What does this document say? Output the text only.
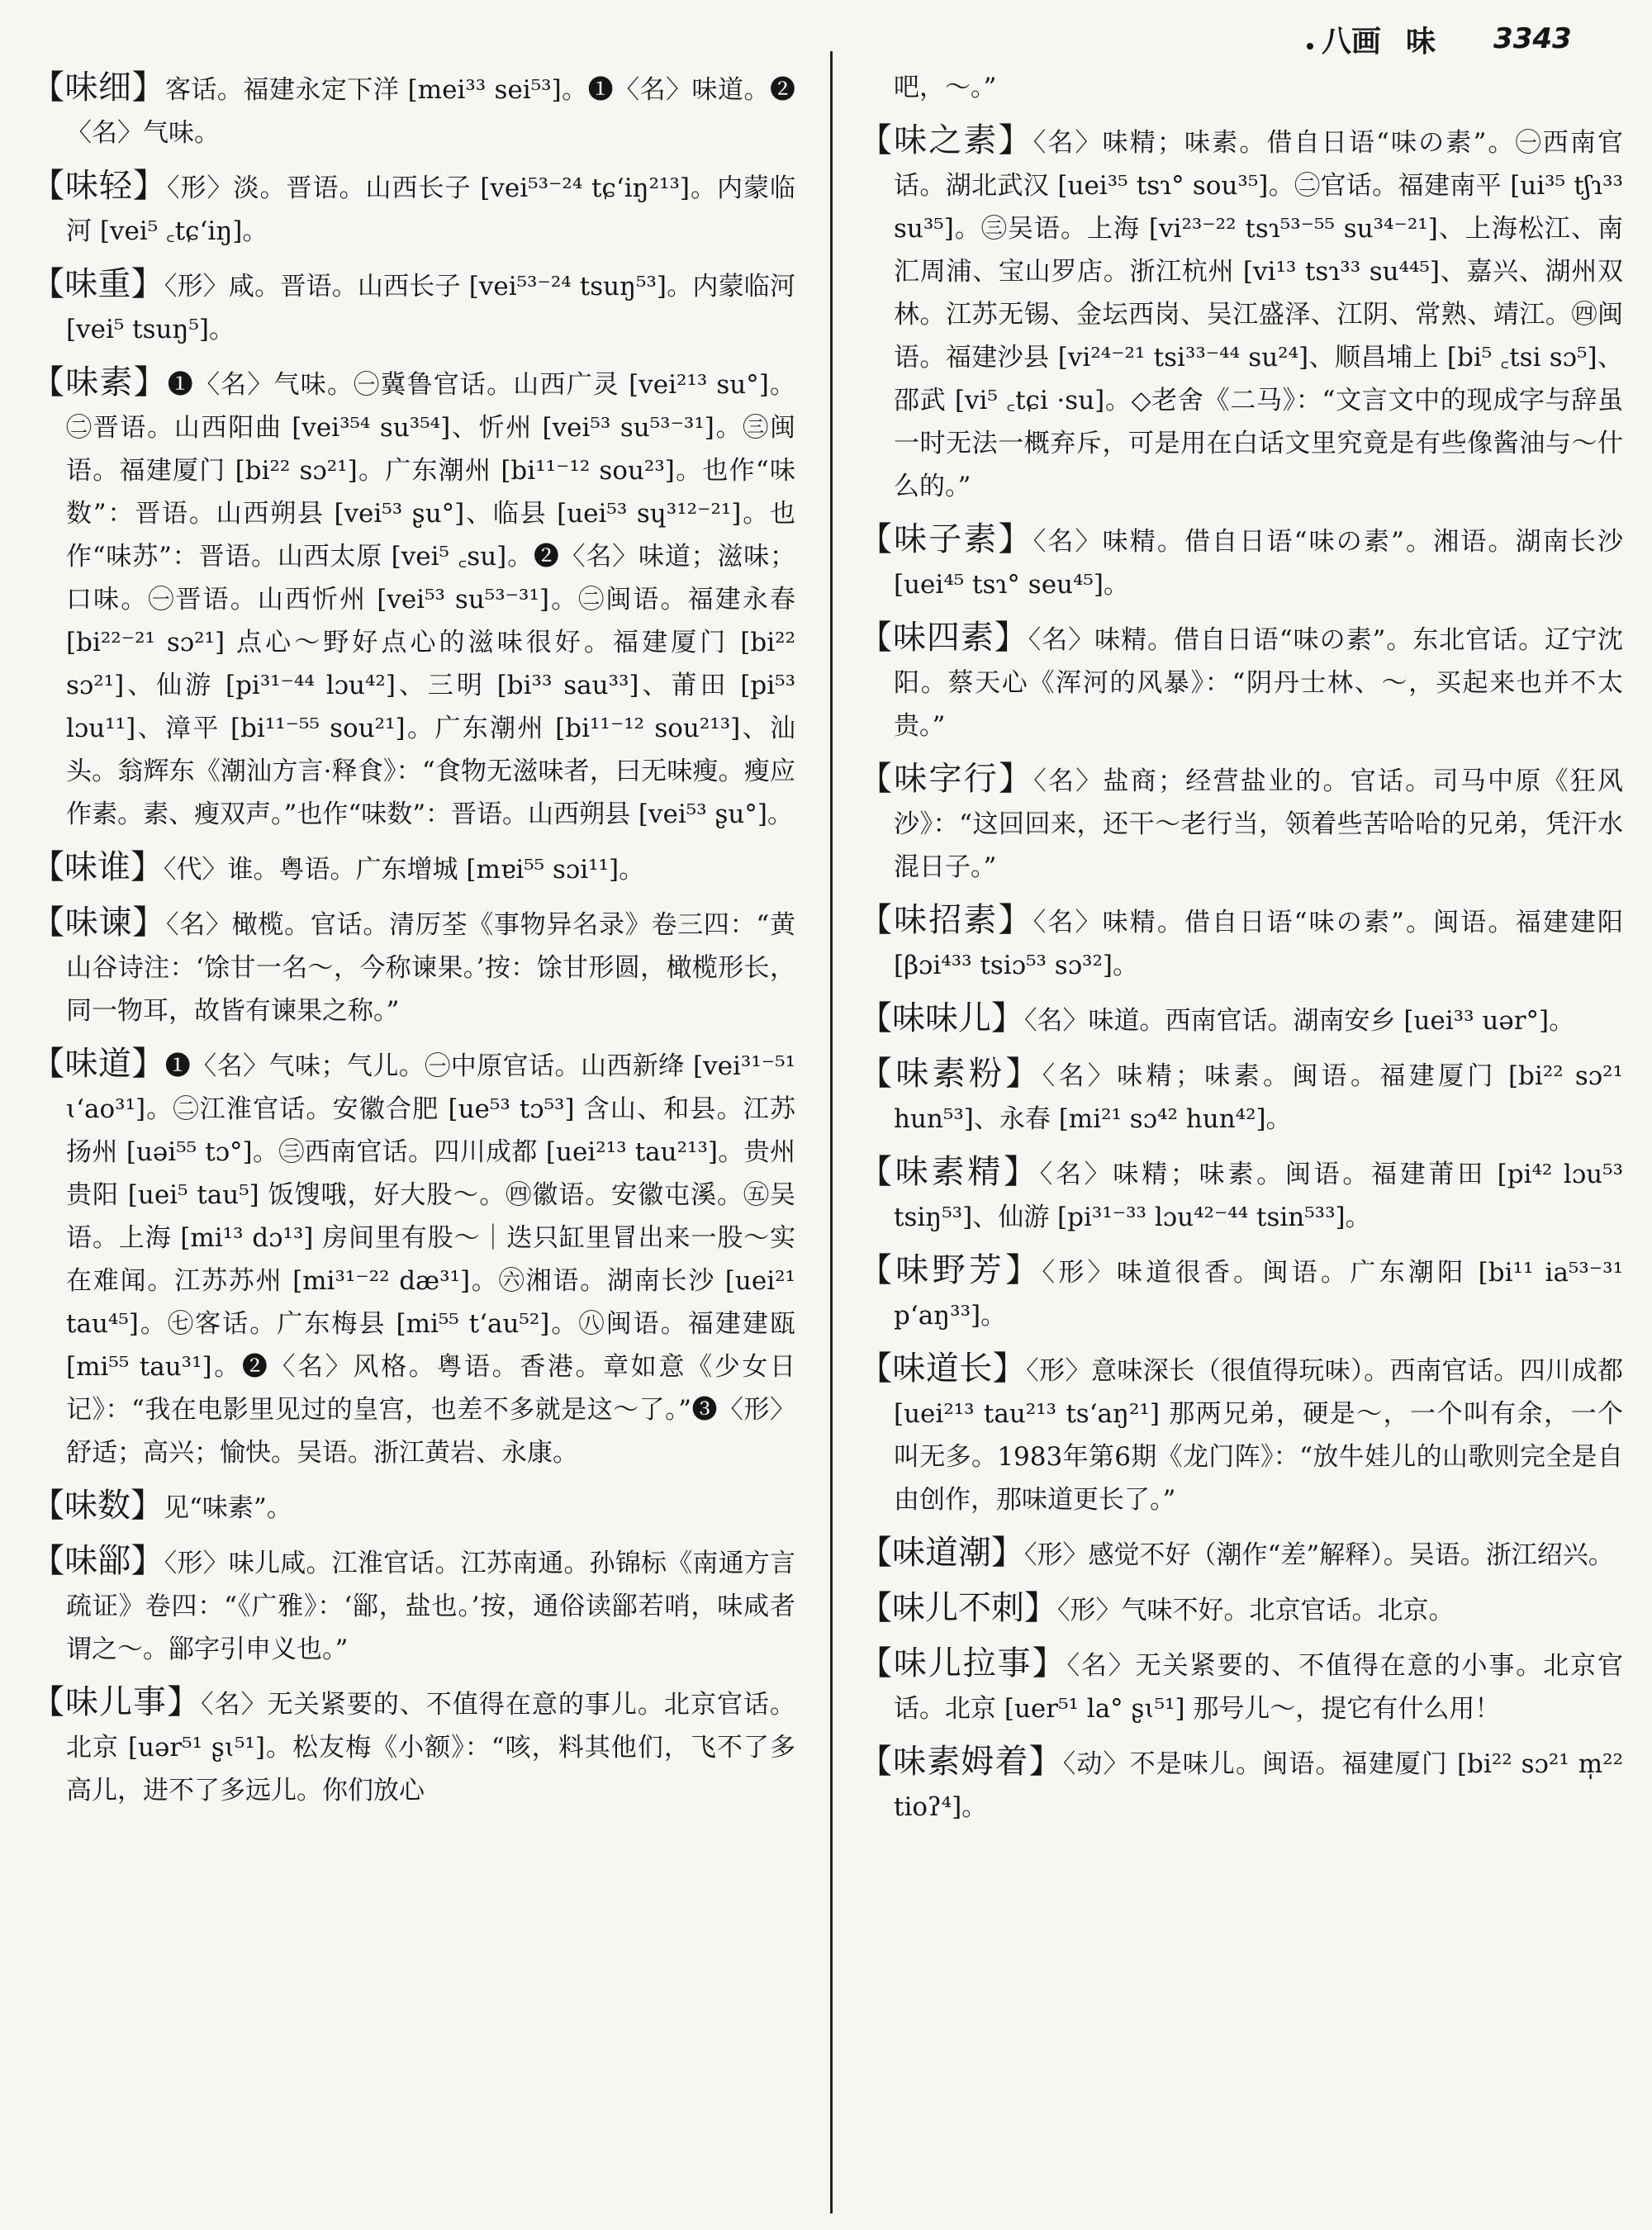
八画 味 3343

【味细】客话。福建永定下洋 [mei³³ sei⁵³]。❶〈名〉味道。❷〈名〉气味。

【味轻】〈形〉淡。晋语。山西长子 [vei⁵³⁻²⁴ tɕʻiŋ²¹³]。内蒙临河 [vei⁵ ꜀tɕʻiŋ]。

【味重】〈形〉咸。晋语。山西长子 [vei⁵³⁻²⁴ tsuŋ⁵³]。内蒙临河 [vei⁵ tsuŋ⁵]。

【味素】❶〈名〉气味。㊀冀鲁官话。山西广灵 [vei²¹³ su°]。㊁晋语。山西阳曲 [vei³⁵⁴ su³⁵⁴]、忻州 [vei⁵³ su⁵³⁻³¹]。㊂闽语。福建厦门 [bi²² sɔ²¹]。广东潮州 [bi¹¹⁻¹² sou²³]。也作“味数”：晋语。山西朔县 [vei⁵³ ʂu°]、临县 [uei⁵³ sɥ³¹²⁻²¹]。也作“味苏”：晋语。山西太原 [vei⁵ ꜀su]。❷〈名〉味道；滋味；口味。㊀晋语。山西忻州 [vei⁵³ su⁵³⁻³¹]。㊁闽语。福建永春 [bi²²⁻²¹ sɔ²¹] 点心～野好点心的滋味很好。福建厦门 [bi²² sɔ²¹]、仙游 [pi³¹⁻⁴⁴ lɔu⁴²]、三明 [bi³³ sau³³]、莆田 [pi⁵³ lɔu¹¹]、漳平 [bi¹¹⁻⁵⁵ sou²¹]。广东潮州 [bi¹¹⁻¹² sou²¹³]、汕头。翁辉东《潮汕方言·释食》：“食物无滋味者，曰无味瘦。瘦应作素。素、瘦双声。”也作“味数”：晋语。山西朔县 [vei⁵³ ʂu°]。

【味谁】〈代〉谁。粤语。广东增城 [mɐi⁵⁵ sɔi¹¹]。

【味谏】〈名〉橄榄。官话。清厉荃《事物异名录》卷三四：“黄山谷诗注：‘馀甘一名～，今称谏果。’按：馀甘形圆，橄榄形长，同一物耳，故皆有谏果之称。”

【味道】❶〈名〉气味；气儿。㊀中原官话。山西新绛 [vei³¹⁻⁵¹ ɩʻao³¹]。㊁江淮官话。安徽合肥 [ue⁵³ tɔ⁵³] 含山、和县。江苏扬州 [uəi⁵⁵ tɔ°]。㊂西南官话。四川成都 [uei²¹³ tau²¹³]。贵州贵阳 [uei⁵ tau⁵] 饭馊哦，好大股～。㊃徽语。安徽屯溪。㊄吴语。上海 [mi¹³ dɔ¹³] 房间里有股～｜迭只缸里冒出来一股～实在难闻。江苏苏州 [mi³¹⁻²² dæ³¹]。㊅湘语。湖南长沙 [uei²¹ tau⁴⁵]。㊆客话。广东梅县 [mi⁵⁵ tʻau⁵²]。㊇闽语。福建建瓯 [mi⁵⁵ tau³¹]。❷〈名〉风格。粤语。香港。章如意《少女日记》：“我在电影里见过的皇宫，也差不多就是这～了。”❸〈形〉舒适；高兴；愉快。吴语。浙江黄岩、永康。

【味数】见“味素”。

【味䣎】〈形〉味儿咸。江淮官话。江苏南通。孙锦标《南通方言疏证》卷四：“《广雅》：‘䣎，盐也。’按，通俗读䣎若哨，味咸者谓之～。䣎字引申义也。”

【味儿事】〈名〉无关紧要的、不值得在意的事儿。北京官话。北京 [uər⁵¹ ʂɩ⁵¹]。松友梅《小额》：“咳，料其他们，飞不了多高儿，进不了多远儿。你们放心

吧，～。”

【味之素】〈名〉味精；味素。借自日语“味の素”。㊀西南官话。湖北武汉 [uei³⁵ tsɿ° sou³⁵]。㊁官话。福建南平 [ui³⁵ tʃɿ³³ su³⁵]。㊂吴语。上海 [vi²³⁻²² tsɿ⁵³⁻⁵⁵ su³⁴⁻²¹]、上海松江、南汇周浦、宝山罗店。浙江杭州 [vi¹³ tsɿ³³ su⁴⁴⁵]、嘉兴、湖州双林。江苏无锡、金坛西岗、吴江盛泽、江阴、常熟、靖江。㊃闽语。福建沙县 [vi²⁴⁻²¹ tsi³³⁻⁴⁴ su²⁴]、顺昌埔上 [bi⁵ ꜀tsi sɔ⁵]、邵武 [vi⁵ ꜀tɕi ·su]。◇老舍《二马》：“文言文中的现成字与辞虽一时无法一概弃斥，可是用在白话文里究竟是有些像酱油与～什么的。”

【味子素】〈名〉味精。借自日语“味の素”。湘语。湖南长沙 [uei⁴⁵ tsɿ° seu⁴⁵]。

【味四素】〈名〉味精。借自日语“味の素”。东北官话。辽宁沈阳。蔡天心《浑河的风暴》：“阴丹士林、～，买起来也并不太贵。”

【味字行】〈名〉盐商；经营盐业的。官话。司马中原《狂风沙》：“这回回来，还干～老行当，领着些苦哈哈的兄弟，凭汗水混日子。”

【味招素】〈名〉味精。借自日语“味の素”。闽语。福建建阳 [βɔi⁴³³ tsiɔ⁵³ sɔ³²]。

【味味儿】〈名〉味道。西南官话。湖南安乡 [uei³³ uər°]。

【味素粉】〈名〉味精；味素。闽语。福建厦门 [bi²² sɔ²¹ hun⁵³]、永春 [mi²¹ sɔ⁴² hun⁴²]。

【味素精】〈名〉味精；味素。闽语。福建莆田 [pi⁴² lɔu⁵³ tsiŋ⁵³]、仙游 [pi³¹⁻³³ lɔu⁴²⁻⁴⁴ tsin⁵³³]。

【味野芳】〈形〉味道很香。闽语。广东潮阳 [bi¹¹ ia⁵³⁻³¹ pʻaŋ³³]。

【味道长】〈形〉意味深长（很值得玩味）。西南官话。四川成都 [uei²¹³ tau²¹³ tsʻaŋ²¹] 那两兄弟，硬是～，一个叫有余，一个叫无多。1983年第6期《龙门阵》：“放牛娃儿的山歌则完全是自由创作，那味道更长了。”

【味道潮】〈形〉感觉不好（潮作“差”解释）。吴语。浙江绍兴。

【味儿不刺】〈形〉气味不好。北京官话。北京。

【味儿拉事】〈名〉无关紧要的、不值得在意的小事。北京官话。北京 [uer⁵¹ la° ʂɩ⁵¹] 那号儿～，提它有什么用！

【味素姆着】〈动〉不是味儿。闽语。福建厦门 [bi²² sɔ²¹ m̩²² tioʔ⁴]。
